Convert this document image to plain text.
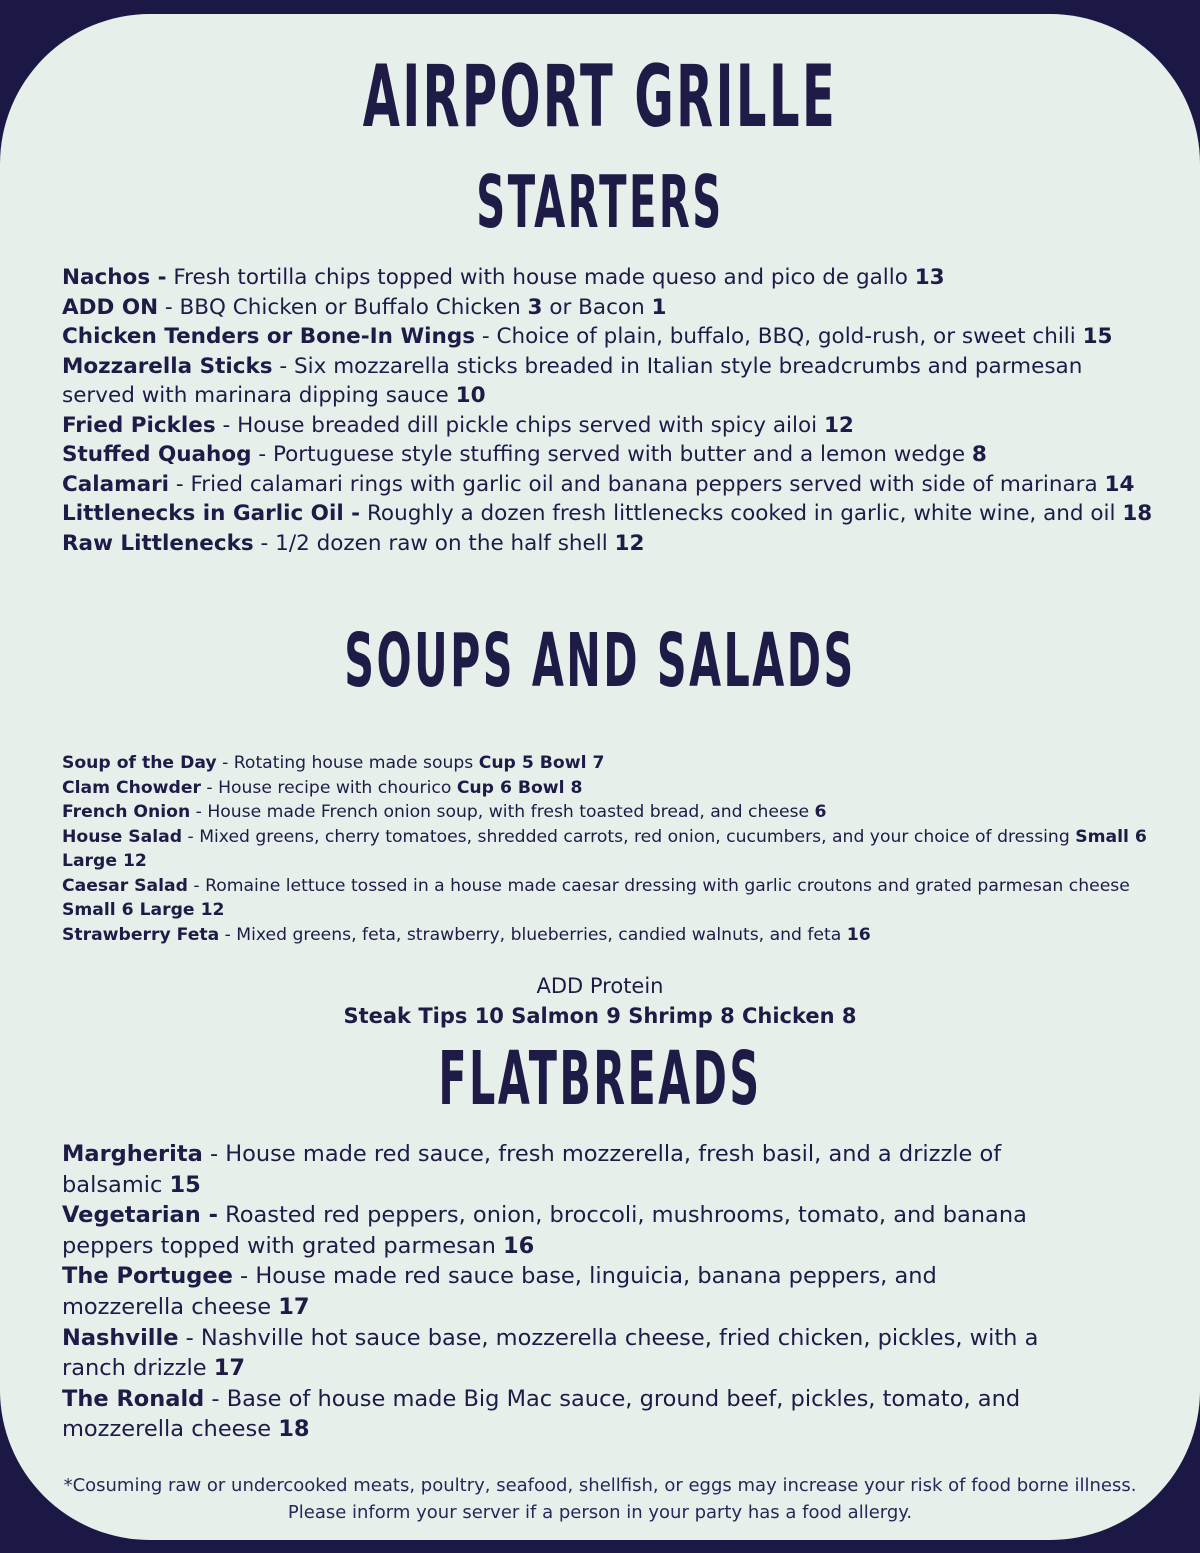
AIRPORT GRILLE
STARTERS

Nachos - Fresh tortilla chips topped with house made queso and pico de gallo 13

ADD ON - BBQ Chicken or Buffalo Chicken 3 or Bacon 1

Chicken Tenders or Bone-In Wings - Choice of plain, buffalo, BBQ, gold-rush, or sweet chili 15

Mozzarella Sticks - Six mozzarella sticks breaded in Italian style breadcrumbs and parmesan served with marinara dipping sauce 10

Fried Pickles - House breaded dill pickle chips served with spicy ailoi 12

Stuffed Quahog - Portuguese style stuffing served with butter and a lemon wedge 8

Calamari - Fried calamari rings with garlic oil and banana peppers served with side of marinara 14

Littlenecks in Garlic Oil - Roughly a dozen fresh littlenecks cooked in garlic, white wine, and oil 18

Raw Littlenecks - 1/2 dozen raw on the half shell 12

SOUPS AND SALADS

Soup of the Day - Rotating house made soups Cup 5 Bowl 7

Clam Chowder - House recipe with chourico Cup 6 Bowl 8

French Onion - House made French onion soup, with fresh toasted bread, and cheese 6

House Salad - Mixed greens, cherry tomatoes, shredded carrots, red onion, cucumbers, and your choice of dressing Small 6 Large 12

Caesar Salad - Romaine lettuce tossed in a house made caesar dressing with garlic croutons and grated parmesan cheese Small 6 Large 12

Strawberry Feta - Mixed greens, feta, strawberry, blueberries, candied walnuts, and feta 16

ADD Protein
Steak Tips 10 Salmon 9 Shrimp 8 Chicken 8
FLATBREADS

Margherita - House made red sauce, fresh mozzerella, fresh basil, and a drizzle of balsamic 15

Vegetarian - Roasted red peppers, onion, broccoli, mushrooms, tomato, and banana peppers topped with grated parmesan 16

The Portugee - House made red sauce base, linguicia, banana peppers, and mozzerella cheese 17

Nashville - Nashville hot sauce base, mozzerella cheese, fried chicken, pickles, with a ranch drizzle 17

The Ronald - Base of house made Big Mac sauce, ground beef, pickles, tomato, and mozzerella cheese 18

*Cosuming raw or undercooked meats, poultry, seafood, shellfish, or eggs may increase your risk of food borne illness. Please inform your server if a person in your party has a food allergy.
